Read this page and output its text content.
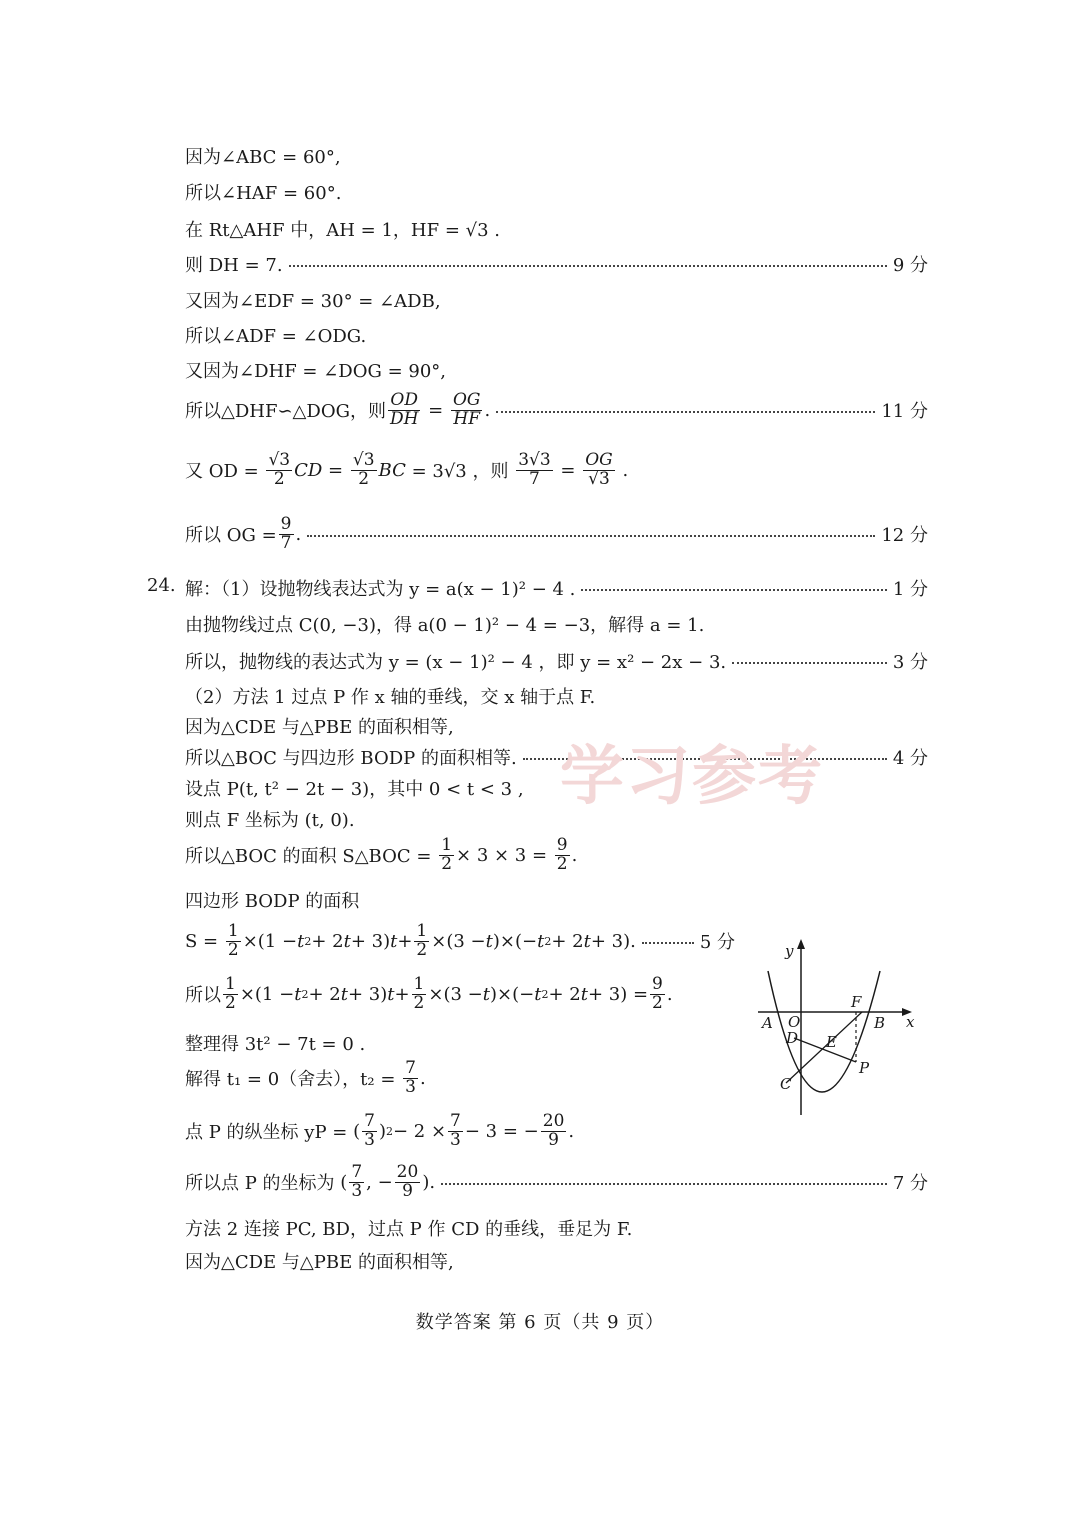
因为∠ABC = 60°,
所以∠HAF = 60°.
在 Rt△AHF 中，AH = 1，HF = √3 .
则 DH = 7.	9 分
又因为∠EDF = 30° = ∠ADB,
所以∠ADF = ∠ODG.
又因为∠DHF = ∠DOG = 90°,
所以△DHF∽△DOG，则 $\frac{OD}{DH} = \frac{OG}{HF}$ .	11 分
又 OD =
$\frac{√3}{2}$ CD = $\frac{√3}{2}$ BC = 3√3 ，则 $\frac{3√3}{7} = \frac{OG}{√3}$ .
所以 OG = $\frac{9}{7}$ .	12 分
24. 解：（1）设抛物线表达式为 y = a(x − 1)² − 4 .	1 分
由抛物线过点 C(0, −3)，得 a(0 − 1)² − 4 = −3，解得 a = 1.
所以，抛物线的表达式为 y = (x − 1)² − 4 ，即 y = x² − 2x − 3.	3 分
（2）方法 1 过点 P 作 x 轴的垂线，交 x 轴于点 F.
因为△CDE 与△PBE 的面积相等,
所以△BOC 与四边形 BODP 的面积相等.	4 分
设点 P(t, t² − 2t − 3)，其中 0 < t < 3 ,
则点 F 坐标为 (t, 0).
所以△BOC 的面积 S△BOC =
$\frac{1}{2} \times 3 \times 3 = \frac{9}{2}$ .
四边形 BODP 的面积
S =
$\frac{1}{2} \times(1 - t$ 2 + 2 t + 3) $t + \frac{1}{2} \times(3 - t$ )×(− t 2 + 2 t + 3).	5 分
所以 $\frac{1}{2} \times(1 - t$ 2 + 2 t + 3) $t + \frac{1}{2} \times(3 - t$ )×(− t 2 + 2 $t + 3) = \frac{9}{2}$ .
整理得 3t² − 7t = 0 .
解得 t₁ = 0（舍去），t₂ =
$\frac{7}{3}$ .
点 P 的纵坐标 yP = ( $\frac{7}{3}$ ) $2 - 2 \times \frac{7}{3} - 3$ = − $\frac{20}{9}$ .
所以点 P 的坐标为 ( $\frac{7}{3}$ , − $\frac{20}{9}$ ).	7 分
方法 2 连接 PC, BD，过点 P 作 CD 的垂线，垂足为 F.
因为△CDE 与△PBE 的面积相等,
学习参考
y
x
A O
D E
F
B
P
C
数学答案 第 6 页（共 9 页）
